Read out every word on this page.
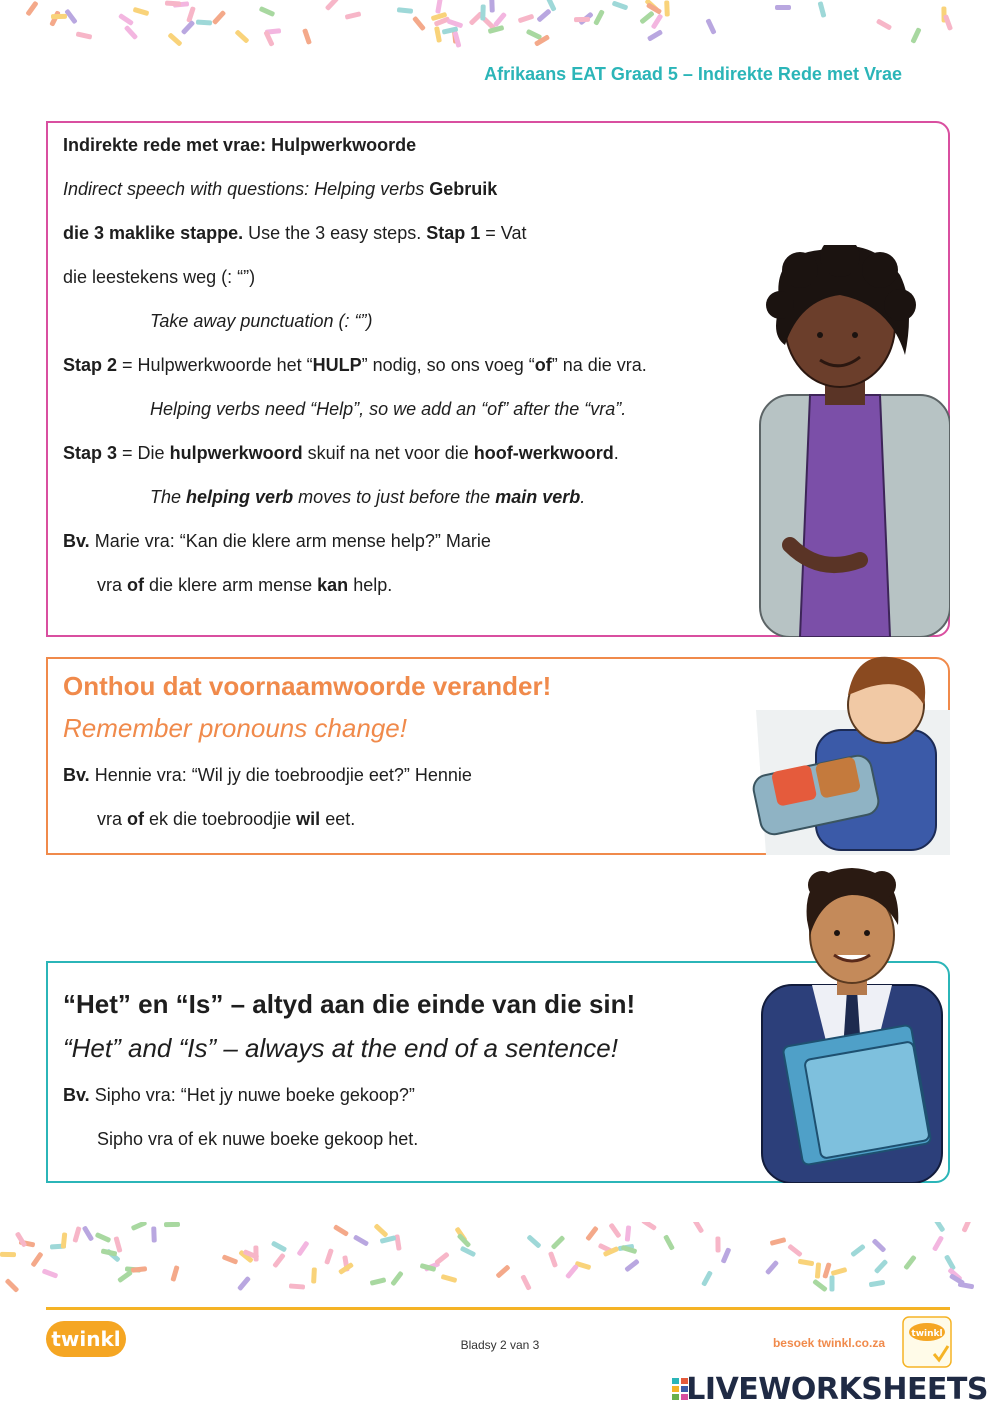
Afrikaans EAT Graad 5 – Indirekte Rede met Vrae
Indirekte rede met vrae: Hulpwerkwoorde
Indirect speech with questions: Helping verbs Gebruik
die 3 maklike stappe. Use the 3 easy steps. Stap 1 = Vat
die leestekens weg (: “”)
Take away punctuation (: “”)
Stap 2 = Hulpwerkwoorde het “HULP” nodig, so ons voeg “of” na die vra.
Helping verbs need “Help”, so we add an “of” after the “vra”.
Stap 3 = Die hulpwerkwoord skuif na net voor die hoof-werkwoord.
The helping verb moves to just before the main verb.
Bv. Marie vra: “Kan die klere arm mense help?” Marie
vra of die klere arm mense kan help.
Onthou dat voornaamwoorde verander!
Remember pronouns change!
Bv. Hennie vra: “Wil jy die toebroodjie eet?” Hennie
vra of ek die toebroodjie wil eet.
“Het” en “Is” – altyd aan die einde van die sin!
“Het” and “Is” – always at the end of a sentence!
Bv. Sipho vra: “Het jy nuwe boeke gekoop?”
Sipho vra of ek nuwe boeke gekoop het.
twinkl	Bladsy 2 van 3	besoek twinkl.co.za
twinkl
LIVEWORKSHEETS
